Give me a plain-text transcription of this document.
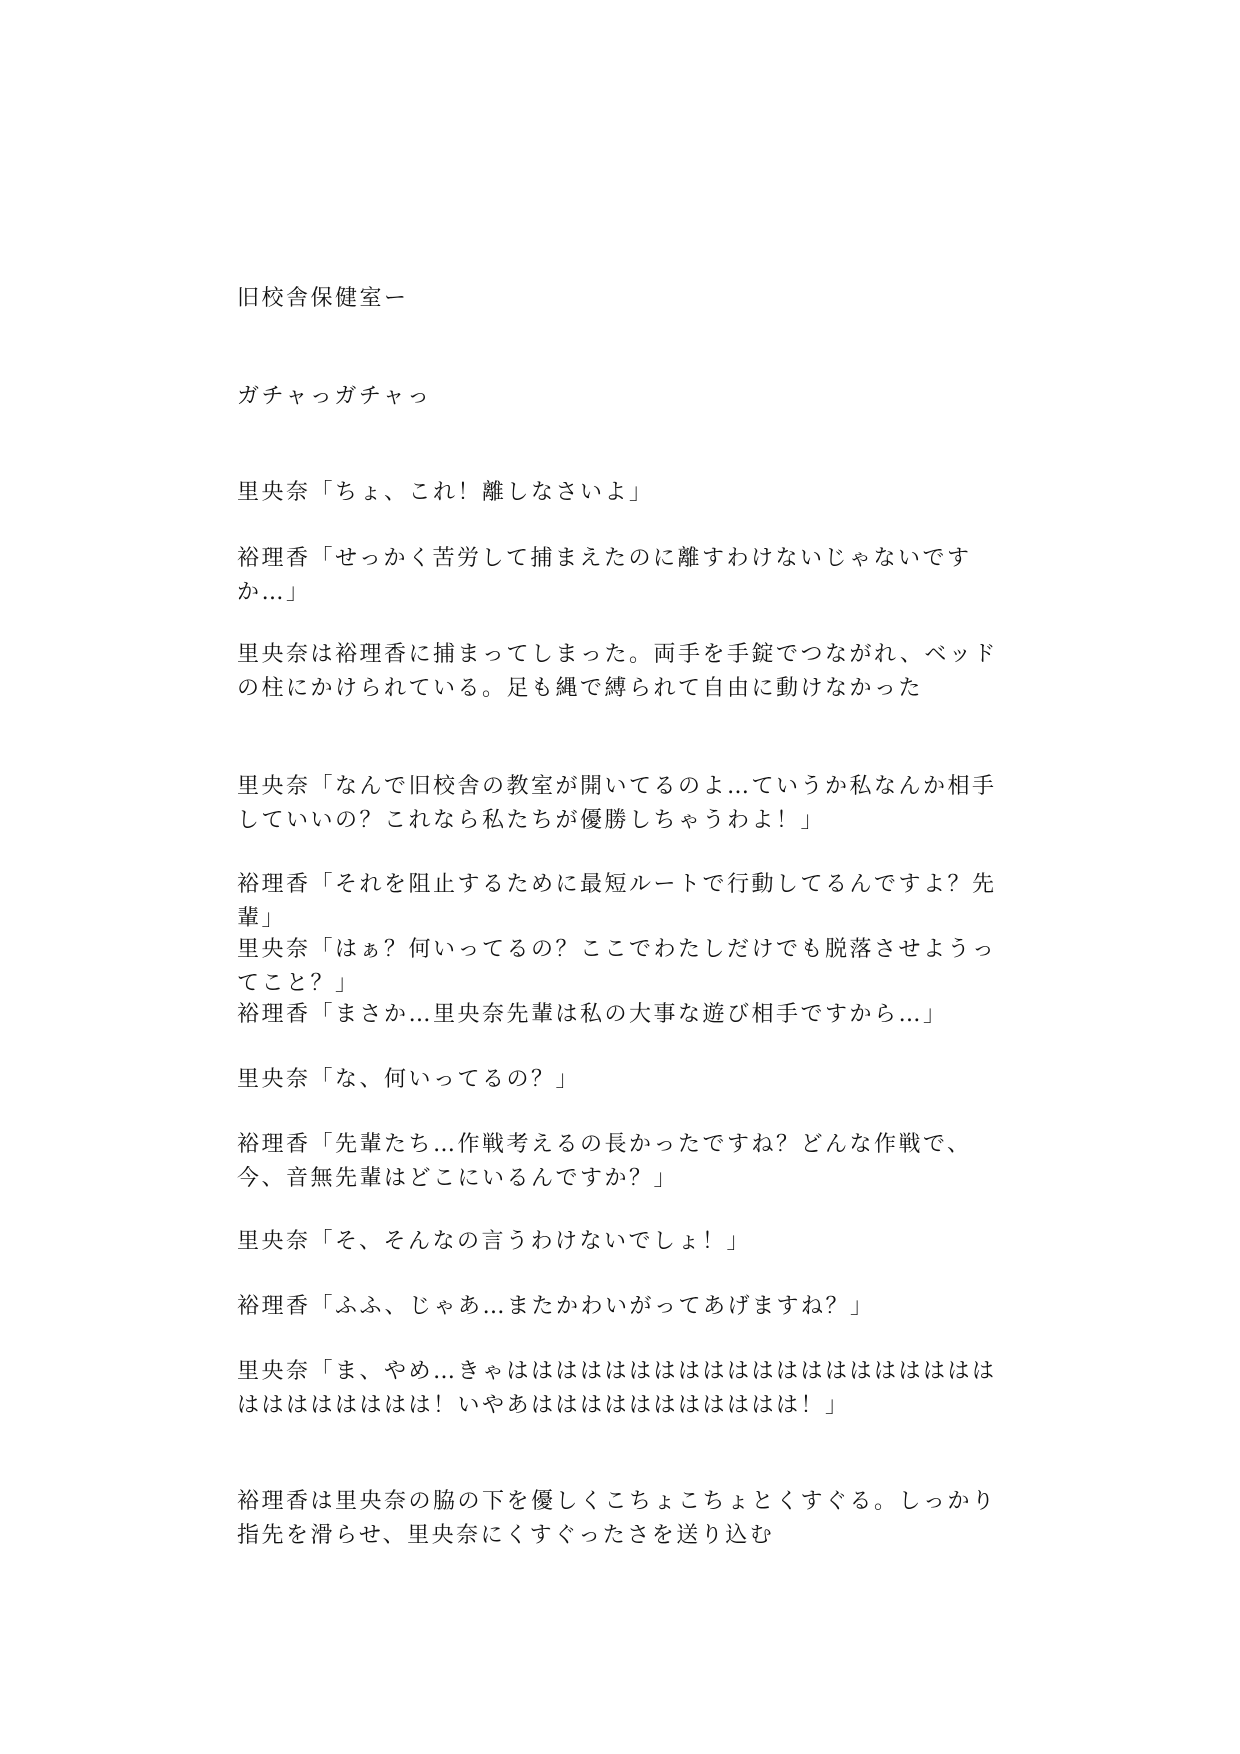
旧校舎保健室ー

ガチャっガチャっ

里央奈「ちょ、これ！離しなさいよ」

裕理香「せっかく苦労して捕まえたのに離すわけないじゃないですか…」

里央奈は裕理香に捕まってしまった。両手を手錠でつながれ、ベッドの柱にかけられている。足も縄で縛られて自由に動けなかった

里央奈「なんで旧校舎の教室が開いてるのよ…ていうか私なんか相手していいの？これなら私たちが優勝しちゃうわよ！」

裕理香「それを阻止するために最短ルートで行動してるんですよ？先輩」

里央奈「はぁ？何いってるの？ここでわたしだけでも脱落させようってこと？」

裕理香「まさか…里央奈先輩は私の大事な遊び相手ですから…」

里央奈「な、何いってるの？」

裕理香「先輩たち…作戦考えるの長かったですね？どんな作戦で、今、音無先輩はどこにいるんですか？」

里央奈「そ、そんなの言うわけないでしょ！」

裕理香「ふふ、じゃあ…またかわいがってあげますね？」

里央奈「ま、やめ…きゃはははははははははははははははははははははははははははは！いやあははははははははははは！」

裕理香は里央奈の脇の下を優しくこちょこちょとくすぐる。しっかり指先を滑らせ、里央奈にくすぐったさを送り込む
